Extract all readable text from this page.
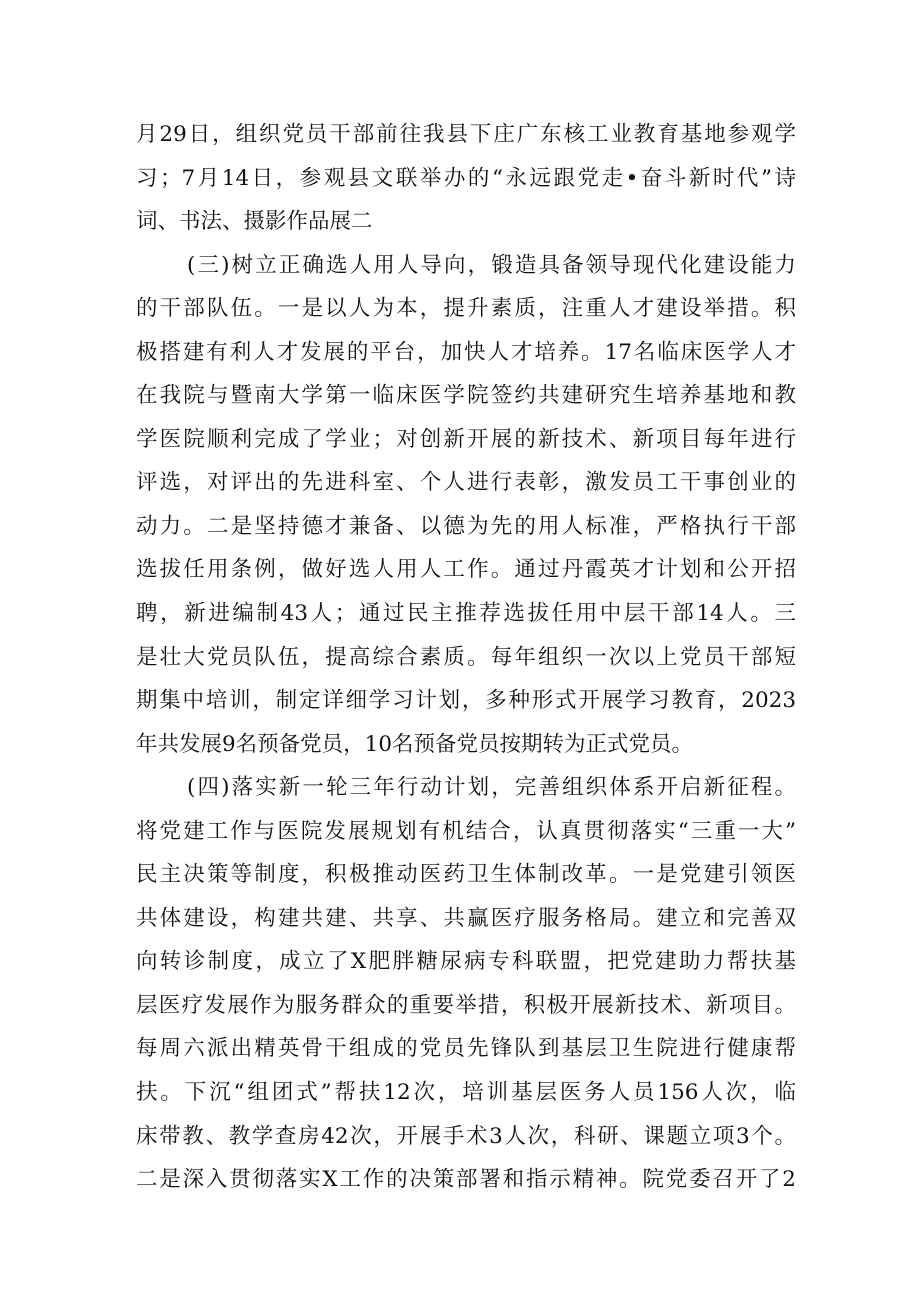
月29日，组织党员干部前往我县下庄广东核工业教育基地参观学
习；7月14日，参观县文联举办的“永远跟党走•奋斗新时代”诗
词、书法、摄影作品展二
(三)树立正确选人用人导向，锻造具备领导现代化建设能力
的干部队伍。一是以人为本，提升素质，注重人才建设举措。积
极搭建有利人才发展的平台，加快人才培养。17名临床医学人才
在我院与暨南大学第一临床医学院签约共建研究生培养基地和教
学医院顺利完成了学业；对创新开展的新技术、新项目每年进行
评选，对评出的先进科室、个人进行表彰，激发员工干事创业的
动力。二是坚持德才兼备、以德为先的用人标准，严格执行干部
选拔任用条例，做好选人用人工作。通过丹霞英才计划和公开招
聘，新进编制43人；通过民主推荐选拔任用中层干部14人。三
是壮大党员队伍，提高综合素质。每年组织一次以上党员干部短
期集中培训，制定详细学习计划，多种形式开展学习教育，2023
年共发展9名预备党员，10名预备党员按期转为正式党员。
(四)落实新一轮三年行动计划，完善组织体系开启新征程。
将党建工作与医院发展规划有机结合，认真贯彻落实“三重一大”
民主决策等制度，积极推动医药卫生体制改革。一是党建引领医
共体建设，构建共建、共享、共赢医疗服务格局。建立和完善双
向转诊制度，成立了X肥胖糖尿病专科联盟，把党建助力帮扶基
层医疗发展作为服务群众的重要举措，积极开展新技术、新项目。
每周六派出精英骨干组成的党员先锋队到基层卫生院进行健康帮
扶。下沉“组团式”帮扶12次，培训基层医务人员156人次，临
床带教、教学查房42次，开展手术3人次，科研、课题立项3个。
二是深入贯彻落实X工作的决策部署和指示精神。院党委召开了2
